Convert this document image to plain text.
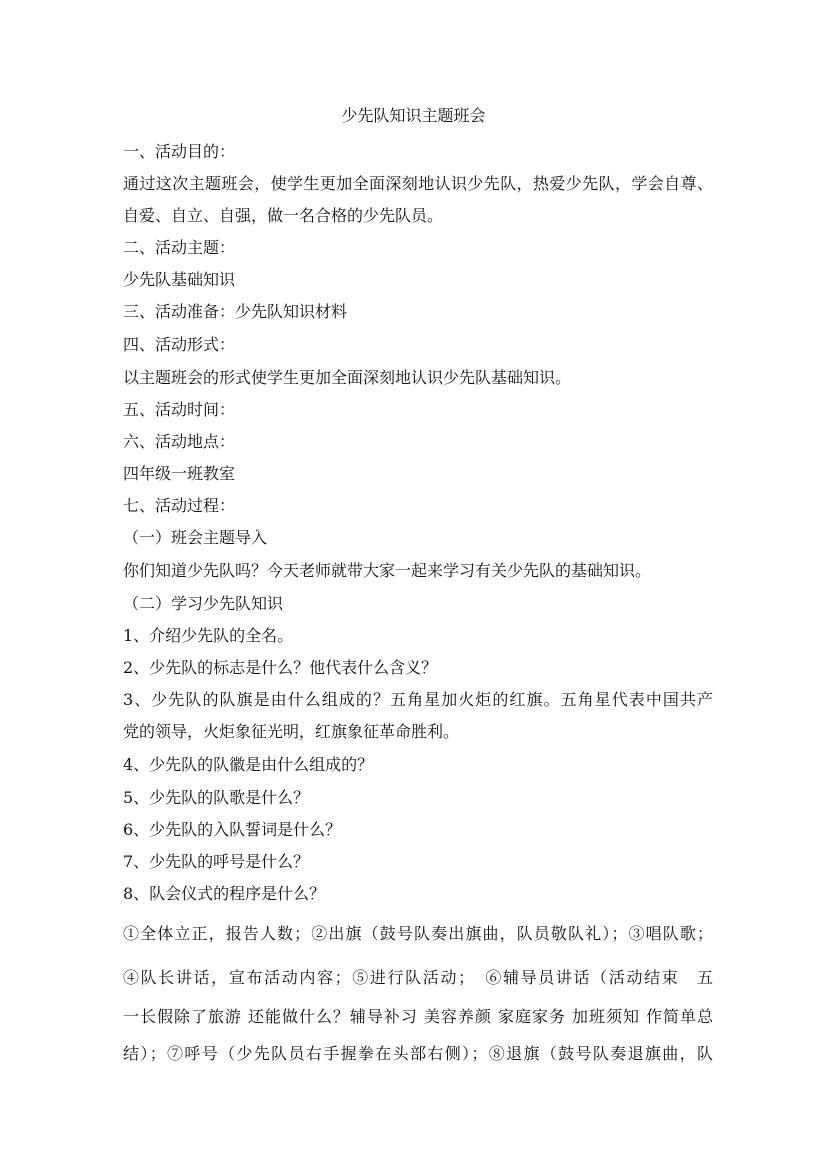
少先队知识主题班会
一、活动目的：
通过这次主题班会，使学生更加全面深刻地认识少先队，热爱少先队，学会自尊、
自爱、自立、自强，做一名合格的少先队员。
二、活动主题：
少先队基础知识
三、活动准备：少先队知识材料
四、活动形式：
以主题班会的形式使学生更加全面深刻地认识少先队基础知识。
五、活动时间：
六、活动地点：
四年级一班教室
七、活动过程：
（一）班会主题导入
你们知道少先队吗？今天老师就带大家一起来学习有关少先队的基础知识。
（二）学习少先队知识
1、介绍少先队的全名。
2、少先队的标志是什么？他代表什么含义？
3、少先队的队旗是由什么组成的？五角星加火炬的红旗。五角星代表中国共产
党的领导，火炬象征光明，红旗象征革命胜利。
4、少先队的队徽是由什么组成的？
5、少先队的队歌是什么？
6、少先队的入队誓词是什么？
7、少先队的呼号是什么？
8、队会仪式的程序是什么？
①全体立正，报告人数；②出旗（鼓号队奏出旗曲，队员敬队礼）；③唱队歌；
④队长讲话，宣布活动内容；⑤进行队活动；　⑥辅导员讲话（活动结束　五
一长假除了旅游 还能做什么？辅导补习 美容养颜 家庭家务 加班须知 作简单总
结）；⑦呼号（少先队员右手握拳在头部右侧）；⑧退旗（鼓号队奏退旗曲，队
